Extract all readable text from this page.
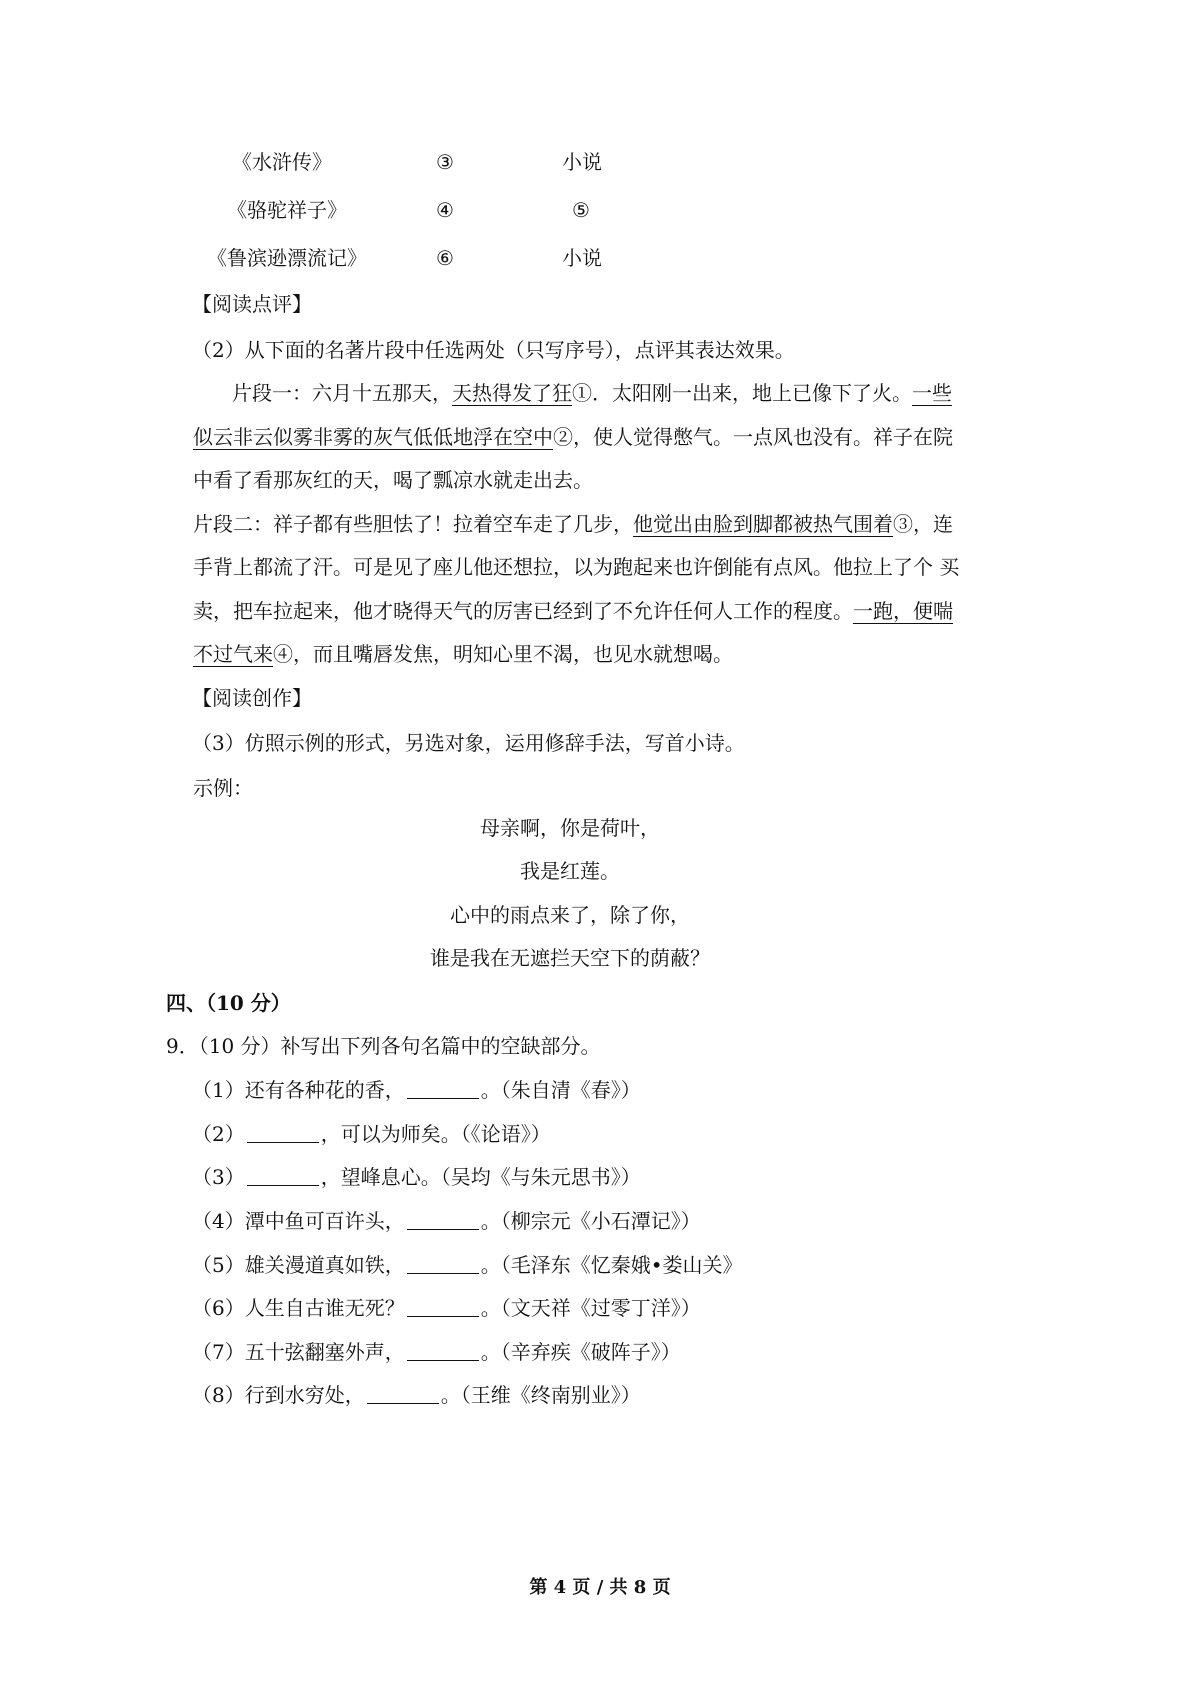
《水浒传》	③	小说
《骆驼祥子》	④	⑤
《鲁滨逊漂流记》	⑥	小说
【阅读点评】
（2）从下面的名著片段中任选两处（只写序号），点评其表达效果。
片段一：六月十五那天，天热得发了狂①．太阳刚一出来，地上已像下了火。一些
似云非云似雾非雾的灰气低低地浮在空中②，使人觉得憋气。一点风也没有。祥子在院
中看了看那灰红的天，喝了瓢凉水就走出去。
片段二：祥子都有些胆怯了！拉着空车走了几步，他觉出由脸到脚都被热气围着③，连
手背上都流了汗。可是见了座儿他还想拉，以为跑起来也许倒能有点风。他拉上了个 买
卖，把车拉起来，他才晓得天气的厉害已经到了不允许任何人工作的程度。一跑，便喘
不过气来④，而且嘴唇发焦，明知心里不渴，也见水就想喝。
【阅读创作】
（3）仿照示例的形式，另选对象，运用修辞手法，写首小诗。
示例：
母亲啊，你是荷叶，
我是红莲。
心中的雨点来了，除了你，
谁是我在无遮拦天空下的荫蔽？
四、（10 分）
9．（10 分）补写出下列各句名篇中的空缺部分。
（1）还有各种花的香，	。（朱自清《春》）
（2）	，可以为师矣。（《论语》）
（3）	，望峰息心。（吴均《与朱元思书》）
（4）潭中鱼可百许头，	。（柳宗元《小石潭记》）
（5）雄关漫道真如铁，	。（毛泽东《忆秦娥•娄山关》
（6）人生自古谁无死？	。（文天祥《过零丁洋》）
（7）五十弦翻塞外声，	。（辛弃疾《破阵子》）
（8）行到水穷处，	。（王维《终南别业》）
第 4 页 / 共 8 页
